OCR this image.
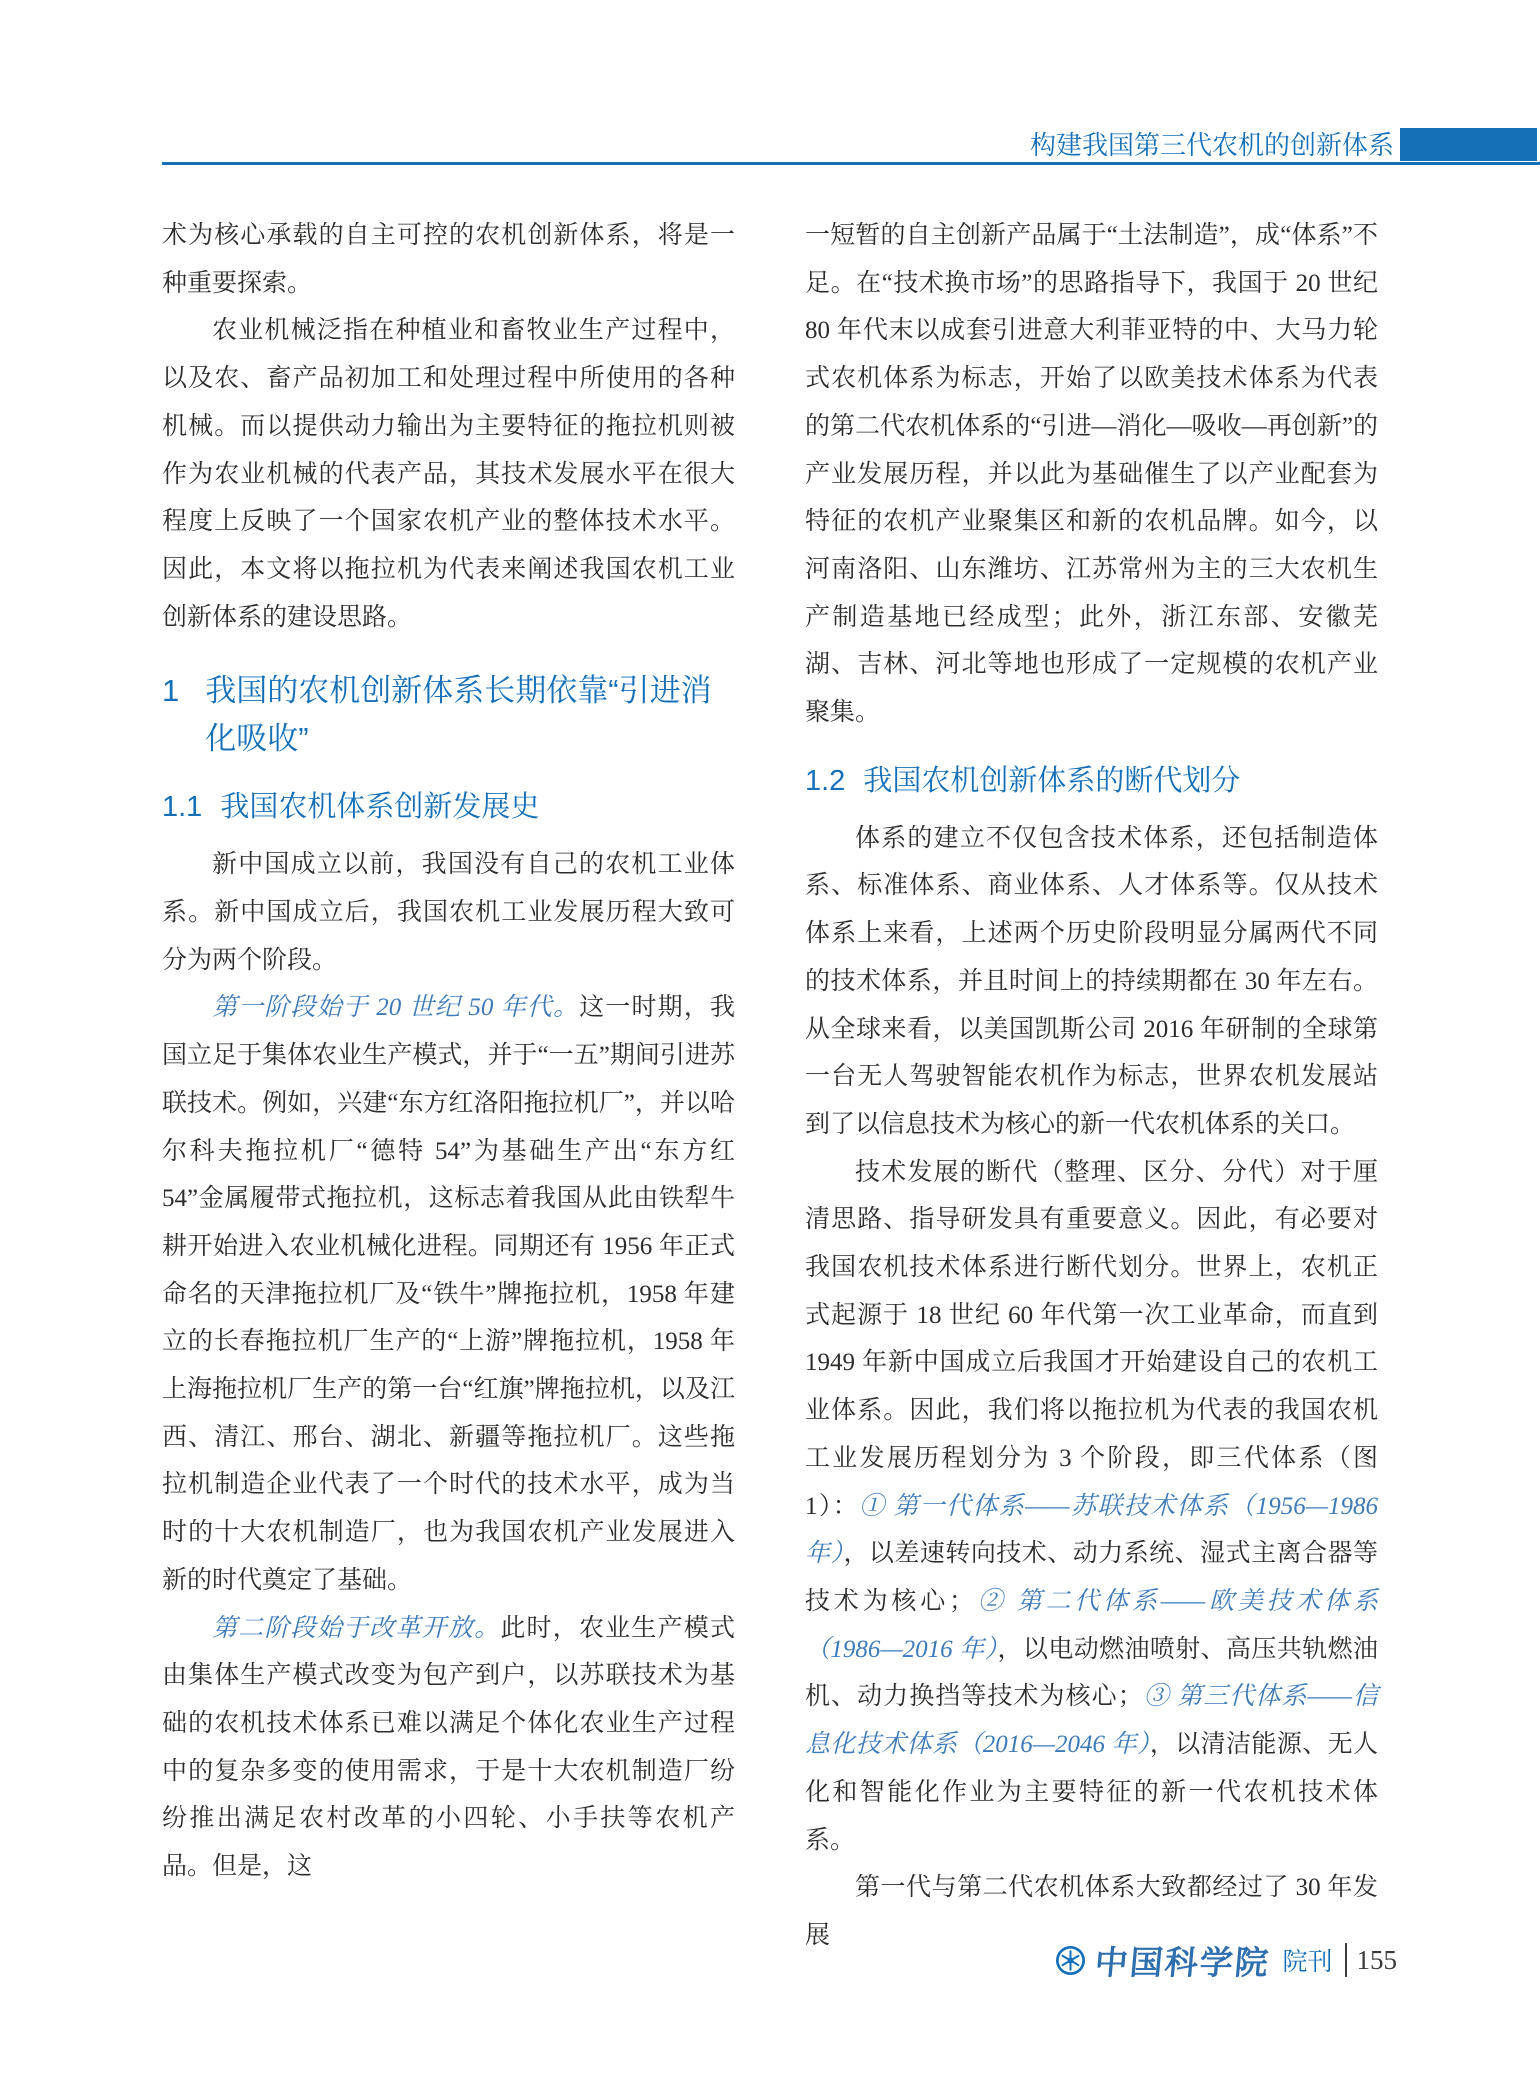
构建我国第三代农机的创新体系

术为核心承载的自主可控的农机创新体系，将是一种重要探索。

农业机械泛指在种植业和畜牧业生产过程中，以及农、畜产品初加工和处理过程中所使用的各种机械。而以提供动力输出为主要特征的拖拉机则被作为农业机械的代表产品，其技术发展水平在很大程度上反映了一个国家农机产业的整体技术水平。因此，本文将以拖拉机为代表来阐述我国农机工业创新体系的建设思路。

1 我国的农机创新体系长期依靠“引进消化吸收”
1.1 我国农机体系创新发展史

新中国成立以前，我国没有自己的农机工业体系。新中国成立后，我国农机工业发展历程大致可分为两个阶段。

第一阶段始于 20 世纪 50 年代。这一时期，我国立足于集体农业生产模式，并于“一五”期间引进苏联技术。例如，兴建“东方红洛阳拖拉机厂”，并以哈尔科夫拖拉机厂“德特 54”为基础生产出“东方红 54”金属履带式拖拉机，这标志着我国从此由铁犁牛耕开始进入农业机械化进程。同期还有 1956 年正式命名的天津拖拉机厂及“铁牛”牌拖拉机，1958 年建立的长春拖拉机厂生产的“上游”牌拖拉机，1958 年上海拖拉机厂生产的第一台“红旗”牌拖拉机，以及江西、清江、邢台、湖北、新疆等拖拉机厂。这些拖拉机制造企业代表了一个时代的技术水平，成为当时的十大农机制造厂，也为我国农机产业发展进入新的时代奠定了基础。

第二阶段始于改革开放。此时，农业生产模式由集体生产模式改变为包产到户，以苏联技术为基础的农机技术体系已难以满足个体化农业生产过程中的复杂多变的使用需求，于是十大农机制造厂纷纷推出满足农村改革的小四轮、小手扶等农机产品。但是，这

一短暂的自主创新产品属于“土法制造”，成“体系”不足。在“技术换市场”的思路指导下，我国于 20 世纪 80 年代末以成套引进意大利菲亚特的中、大马力轮式农机体系为标志，开始了以欧美技术体系为代表的第二代农机体系的“引进—消化—吸收—再创新”的产业发展历程，并以此为基础催生了以产业配套为特征的农机产业聚集区和新的农机品牌。如今，以河南洛阳、山东潍坊、江苏常州为主的三大农机生产制造基地已经成型；此外，浙江东部、安徽芜湖、吉林、河北等地也形成了一定规模的农机产业聚集。

1.2 我国农机创新体系的断代划分

体系的建立不仅包含技术体系，还包括制造体系、标准体系、商业体系、人才体系等。仅从技术体系上来看，上述两个历史阶段明显分属两代不同的技术体系，并且时间上的持续期都在 30 年左右。从全球来看，以美国凯斯公司 2016 年研制的全球第一台无人驾驶智能农机作为标志，世界农机发展站到了以信息技术为核心的新一代农机体系的关口。

技术发展的断代（整理、区分、分代）对于厘清思路、指导研发具有重要意义。因此，有必要对我国农机技术体系进行断代划分。世界上，农机正式起源于 18 世纪 60 年代第一次工业革命，而直到 1949 年新中国成立后我国才开始建设自己的农机工业体系。因此，我们将以拖拉机为代表的我国农机工业发展历程划分为 3 个阶段，即三代体系（图 1）：① 第一代体系——苏联技术体系（1956—1986 年），以差速转向技术、动力系统、湿式主离合器等技术为核心；② 第二代体系——欧美技术体系（1986—2016 年），以电动燃油喷射、高压共轨燃油机、动力换挡等技术为核心；③ 第三代体系——信息化技术体系（2016—2046 年），以清洁能源、无人化和智能化作业为主要特征的新一代农机技术体系。

第一代与第二代农机体系大致都经过了 30 年发展

中国科学院 院刊 155
